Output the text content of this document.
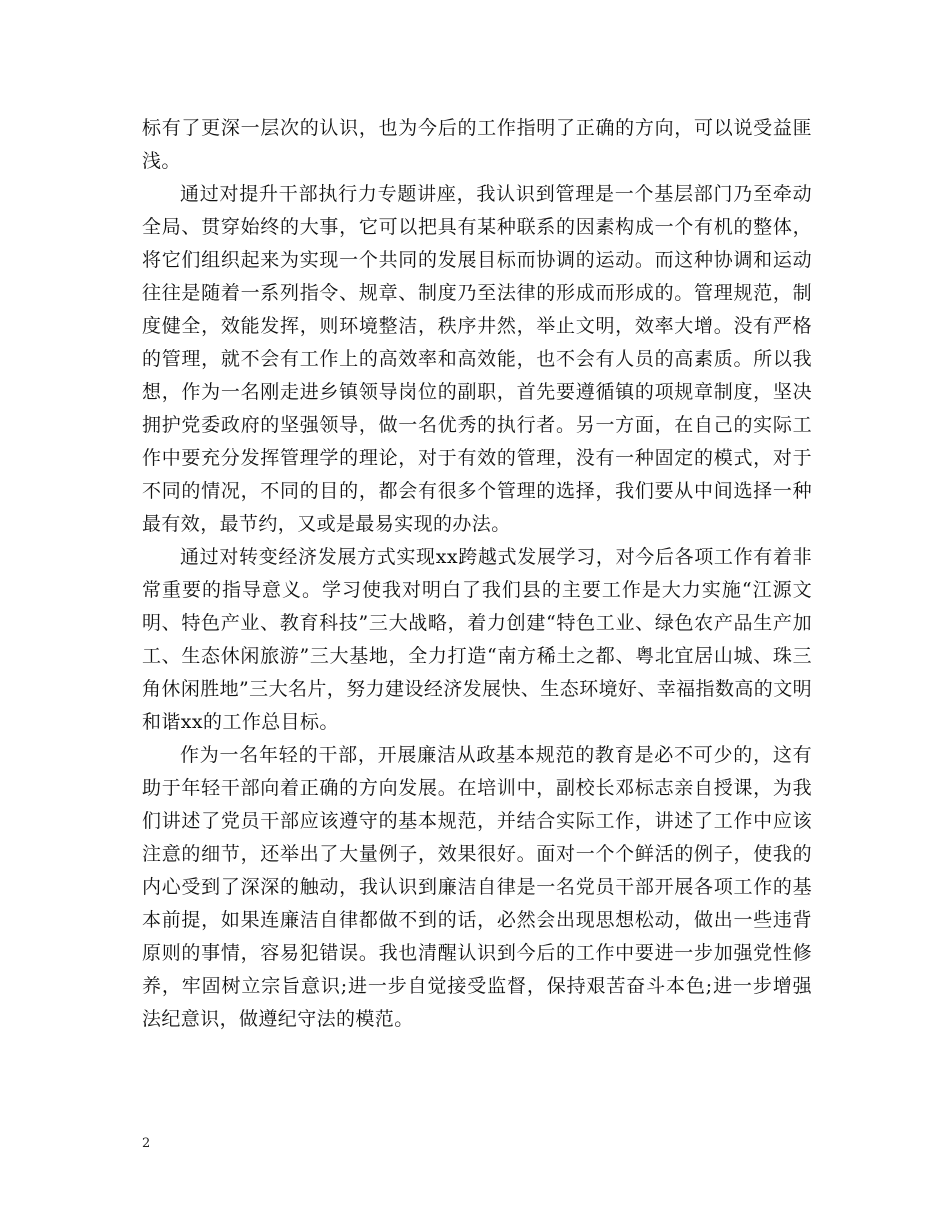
标有了更深一层次的认识，也为今后的工作指明了正确的方向，可以说受益匪浅。

通过对提升干部执行力专题讲座，我认识到管理是一个基层部门乃至牵动全局、贯穿始终的大事，它可以把具有某种联系的因素构成一个有机的整体，将它们组织起来为实现一个共同的发展目标而协调的运动。而这种协调和运动往往是随着一系列指令、规章、制度乃至法律的形成而形成的。管理规范，制度健全，效能发挥，则环境整洁，秩序井然，举止文明，效率大增。没有严格的管理，就不会有工作上的高效率和高效能，也不会有人员的高素质。所以我想，作为一名刚走进乡镇领导岗位的副职，首先要遵循镇的项规章制度，坚决拥护党委政府的坚强领导，做一名优秀的执行者。另一方面，在自己的实际工作中要充分发挥管理学的理论，对于有效的管理，没有一种固定的模式，对于不同的情况，不同的目的，都会有很多个管理的选择，我们要从中间选择一种最有效，最节约，又或是最易实现的办法。

通过对转变经济发展方式实现xx跨越式发展学习，对今后各项工作有着非常重要的指导意义。学习使我对明白了我们县的主要工作是大力实施“江源文明、特色产业、教育科技”三大战略，着力创建“特色工业、绿色农产品生产加工、生态休闲旅游”三大基地，全力打造“南方稀土之都、粤北宜居山城、珠三角休闲胜地”三大名片，努力建设经济发展快、生态环境好、幸福指数高的文明和谐xx的工作总目标。

作为一名年轻的干部，开展廉洁从政基本规范的教育是必不可少的，这有助于年轻干部向着正确的方向发展。在培训中，副校长邓标志亲自授课，为我们讲述了党员干部应该遵守的基本规范，并结合实际工作，讲述了工作中应该注意的细节，还举出了大量例子，效果很好。面对一个个鲜活的例子，使我的内心受到了深深的触动，我认识到廉洁自律是一名党员干部开展各项工作的基本前提，如果连廉洁自律都做不到的话，必然会出现思想松动，做出一些违背原则的事情，容易犯错误。我也清醒认识到今后的工作中要进一步加强党性修养，牢固树立宗旨意识;进一步自觉接受监督，保持艰苦奋斗本色;进一步增强法纪意识，做遵纪守法的模范。

2
